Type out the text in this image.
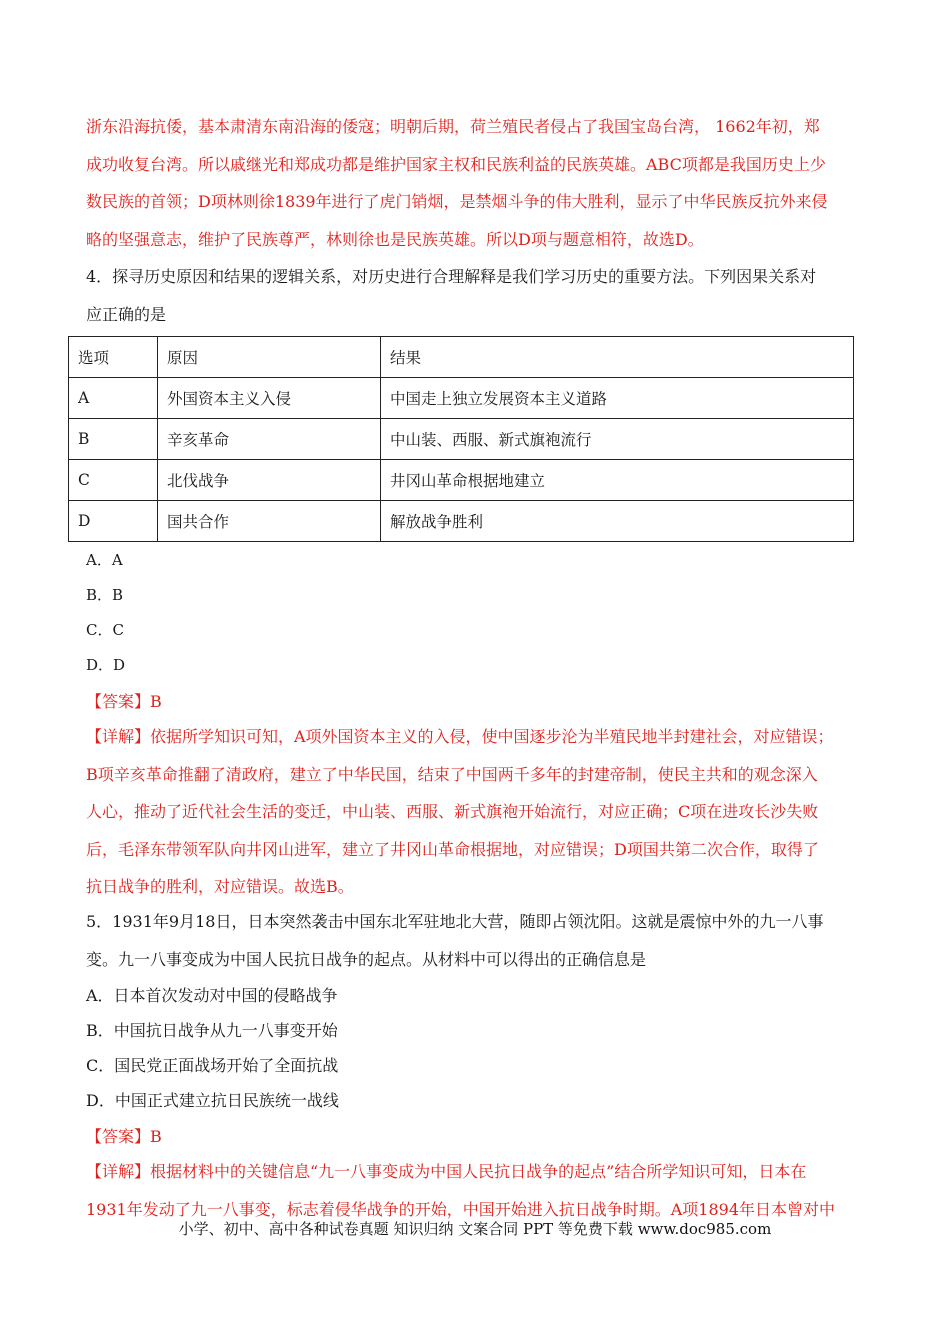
浙东沿海抗倭，基本肃清东南沿海的倭寇；明朝后期，荷兰殖民者侵占了我国宝岛台湾， 1662年初，郑
成功收复台湾。所以戚继光和郑成功都是维护国家主权和民族利益的民族英雄。ABC项都是我国历史上少
数民族的首领；D项林则徐1839年进行了虎门销烟，是禁烟斗争的伟大胜利，显示了中华民族反抗外来侵
略的坚强意志，维护了民族尊严，林则徐也是民族英雄。所以D项与题意相符，故选D。
4．探寻历史原因和结果的逻辑关系，对历史进行合理解释是我们学习历史的重要方法。下列因果关系对
应正确的是
选项	原因	结果
A	外国资本主义入侵	中国走上独立发展资本主义道路
B	辛亥革命	中山装、西服、新式旗袍流行
C	北伐战争	井冈山革命根据地建立
D	国共合作	解放战争胜利
A．A
B．B
C．C
D．D
【答案】B
【详解】依据所学知识可知，A项外国资本主义的入侵，使中国逐步沦为半殖民地半封建社会，对应错误；
B项辛亥革命推翻了清政府，建立了中华民国，结束了中国两千多年的封建帝制，使民主共和的观念深入
人心，推动了近代社会生活的变迁，中山装、西服、新式旗袍开始流行，对应正确；C项在进攻长沙失败
后，毛泽东带领军队向井冈山进军，建立了井冈山革命根据地，对应错误；D项国共第二次合作，取得了
抗日战争的胜利，对应错误。故选B。
5．1931年9月18日，日本突然袭击中国东北军驻地北大营，随即占领沈阳。这就是震惊中外的九一八事
变。九一八事变成为中国人民抗日战争的起点。从材料中可以得出的正确信息是
A．日本首次发动对中国的侵略战争
B．中国抗日战争从九一八事变开始
C．国民党正面战场开始了全面抗战
D．中国正式建立抗日民族统一战线
【答案】B
【详解】根据材料中的关键信息“九一八事变成为中国人民抗日战争的起点”结合所学知识可知，日本在
1931年发动了九一八事变，标志着侵华战争的开始，中国开始进入抗日战争时期。A项1894年日本曾对中
小学、初中、高中各种试卷真题 知识归纳 文案合同 PPT 等免费下载 www.doc985.com
